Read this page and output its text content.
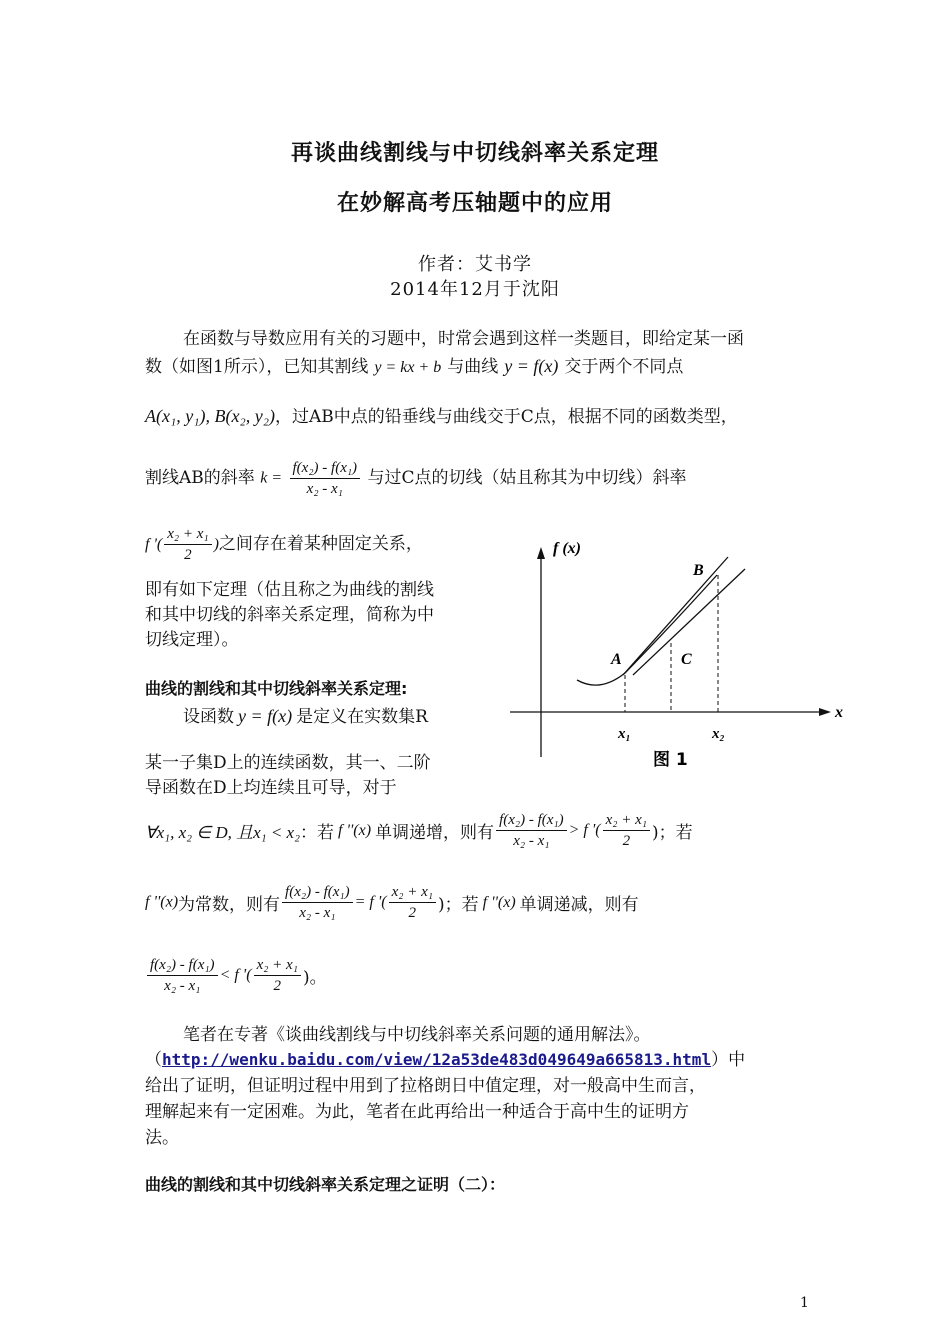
再谈曲线割线与中切线斜率关系定理
在妙解高考压轴题中的应用
作者：艾书学
2014年12月于沈阳
在函数与导数应用有关的习题中，时常会遇到这样一类题目，即给定某一函
数（如图1所示），已知其割线 y = kx + b 与曲线 y = f(x) 交于两个不同点
A(x₁, y₁), B(x₂, y₂)，过AB中点的铅垂线与曲线交于C点，根据不同的函数类型，
割线AB的斜率 $k = \frac{\text{f(x₂) - f(x₁)}}{\text{x₂ - x₁}}$ 与过C点的切线（姑且称其为中切线）斜率
f '( $\frac{\text{x₂ + x₁}}{2}$ )之间存在着某种固定关系，
即有如下定理（估且称之为曲线的割线
和其中切线的斜率关系定理，简称为中
切线定理）。
曲线的割线和其中切线斜率关系定理:
设函数 y = f(x) 是定义在实数集R
某一子集D上的连续函数，其一、二阶
导函数在D上均连续且可导，对于
∀x₁, x₂ ∈ D, 且x₁ < x₂：若 f ''(x) 单调递增，则有 $\frac{\text{f(x₂) - f(x₁)}}{\text{x₂ - x₁}} > f$ '( $\frac{\text{x₂ + x₁}}{2}$ )；若
f ''(x)为常数，则有 $\frac{\text{f(x₂) - f(x₁)}}{\text{x₂ - x₁}} = f$ '( $\frac{\text{x₂ + x₁}}{2}$ )；若 f ''(x) 单调递减，则有
$\frac{\text{f(x₂) - f(x₁)}}{\text{x₂ - x₁}} < f$ '( $\frac{\text{x₂ + x₁}}{2}$ )。
f (x)
x
B
A	C
x₁	x₂
图 1
笔者在专著《谈曲线割线与中切线斜率关系问题的通用解法》。
（http://wenku.baidu.com/view/12a53de483d049649a665813.html）中
给出了证明，但证明过程中用到了拉格朗日中值定理，对一般高中生而言，
理解起来有一定困难。为此，笔者在此再给出一种适合于高中生的证明方
法。
曲线的割线和其中切线斜率关系定理之证明（二）：
1
